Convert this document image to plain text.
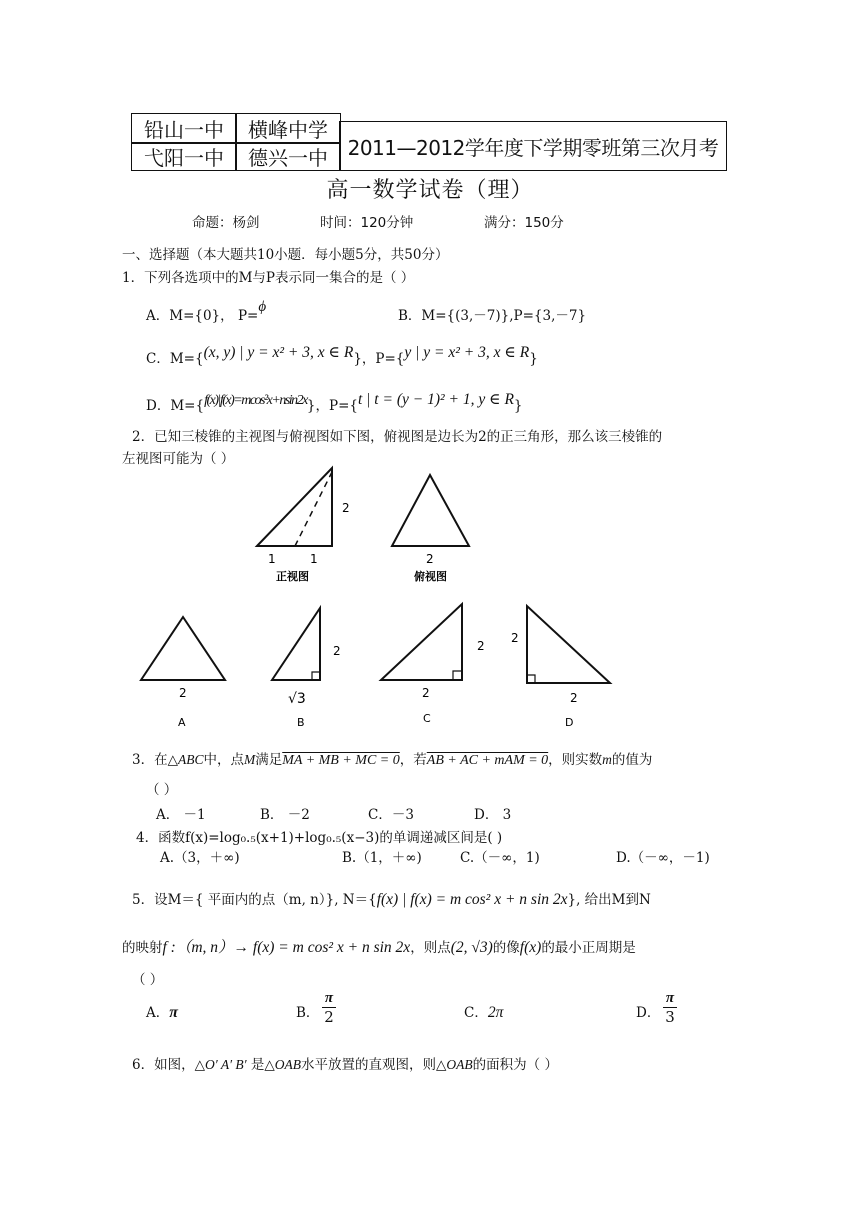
铅山一中	横峰中学
弋阳一中	德兴一中 2011—2012学年度下学期零班第三次月考
高一数学试卷（理）
命题：杨剑	时间：120分钟	满分：150分
一、选择题（本大题共10小题．每小题5分，共50分）
1．下列各选项中的M与P表示同一集合的是（ ）
A．M={0}， P=ϕ
B．M={(3,－7)},P={3,－7}
C．M={(x, y) | y = x² + 3, x ∈ R}，P={y | y = x² + 3, x ∈ R}
D．M={f(x)|f(x)=mcos²x+nsin2x}，P={t | t = (y − 1)² + 1, y ∈ R}
2．已知三棱锥的主视图与俯视图如下图，俯视图是边长为2的正三角形，那么该三棱锥的
左视图可能为（ ）
1	1
2
正视图
2
俯视图
2
A
2
√3
B
2
2
C
2
2
D
3．在△ABC中，点M满足MA + MB + MC = 0，若AB + AC + mAM = 0，则实数m的值为
（ ）
A． －1	B． －2	C．－3	D． 3
4．函数f(x)=log₀.₅(x+1)+log₀.₅(x−3)的单调递减区间是( )
A.（3，＋∞)	B.（1，＋∞)	C.（－∞，1)	D.（－∞，－1)
5．设M＝{ 平面内的点（m, n）}, N＝{f(x) | f(x) = m cos² x + n sin 2x}, 给出M到N
的映射f :（m, n）→ f(x) = m cos² x + n sin 2x，则点(2, √3)的像f(x)的最小正周期是
（ ）
A．π	B． $\frac{\pi}{2}$	C．2π	D． $\frac{\pi}{3}$
6．如图，△O′ A′ B′ 是△OAB水平放置的直观图，则△OAB的面积为（ ）
